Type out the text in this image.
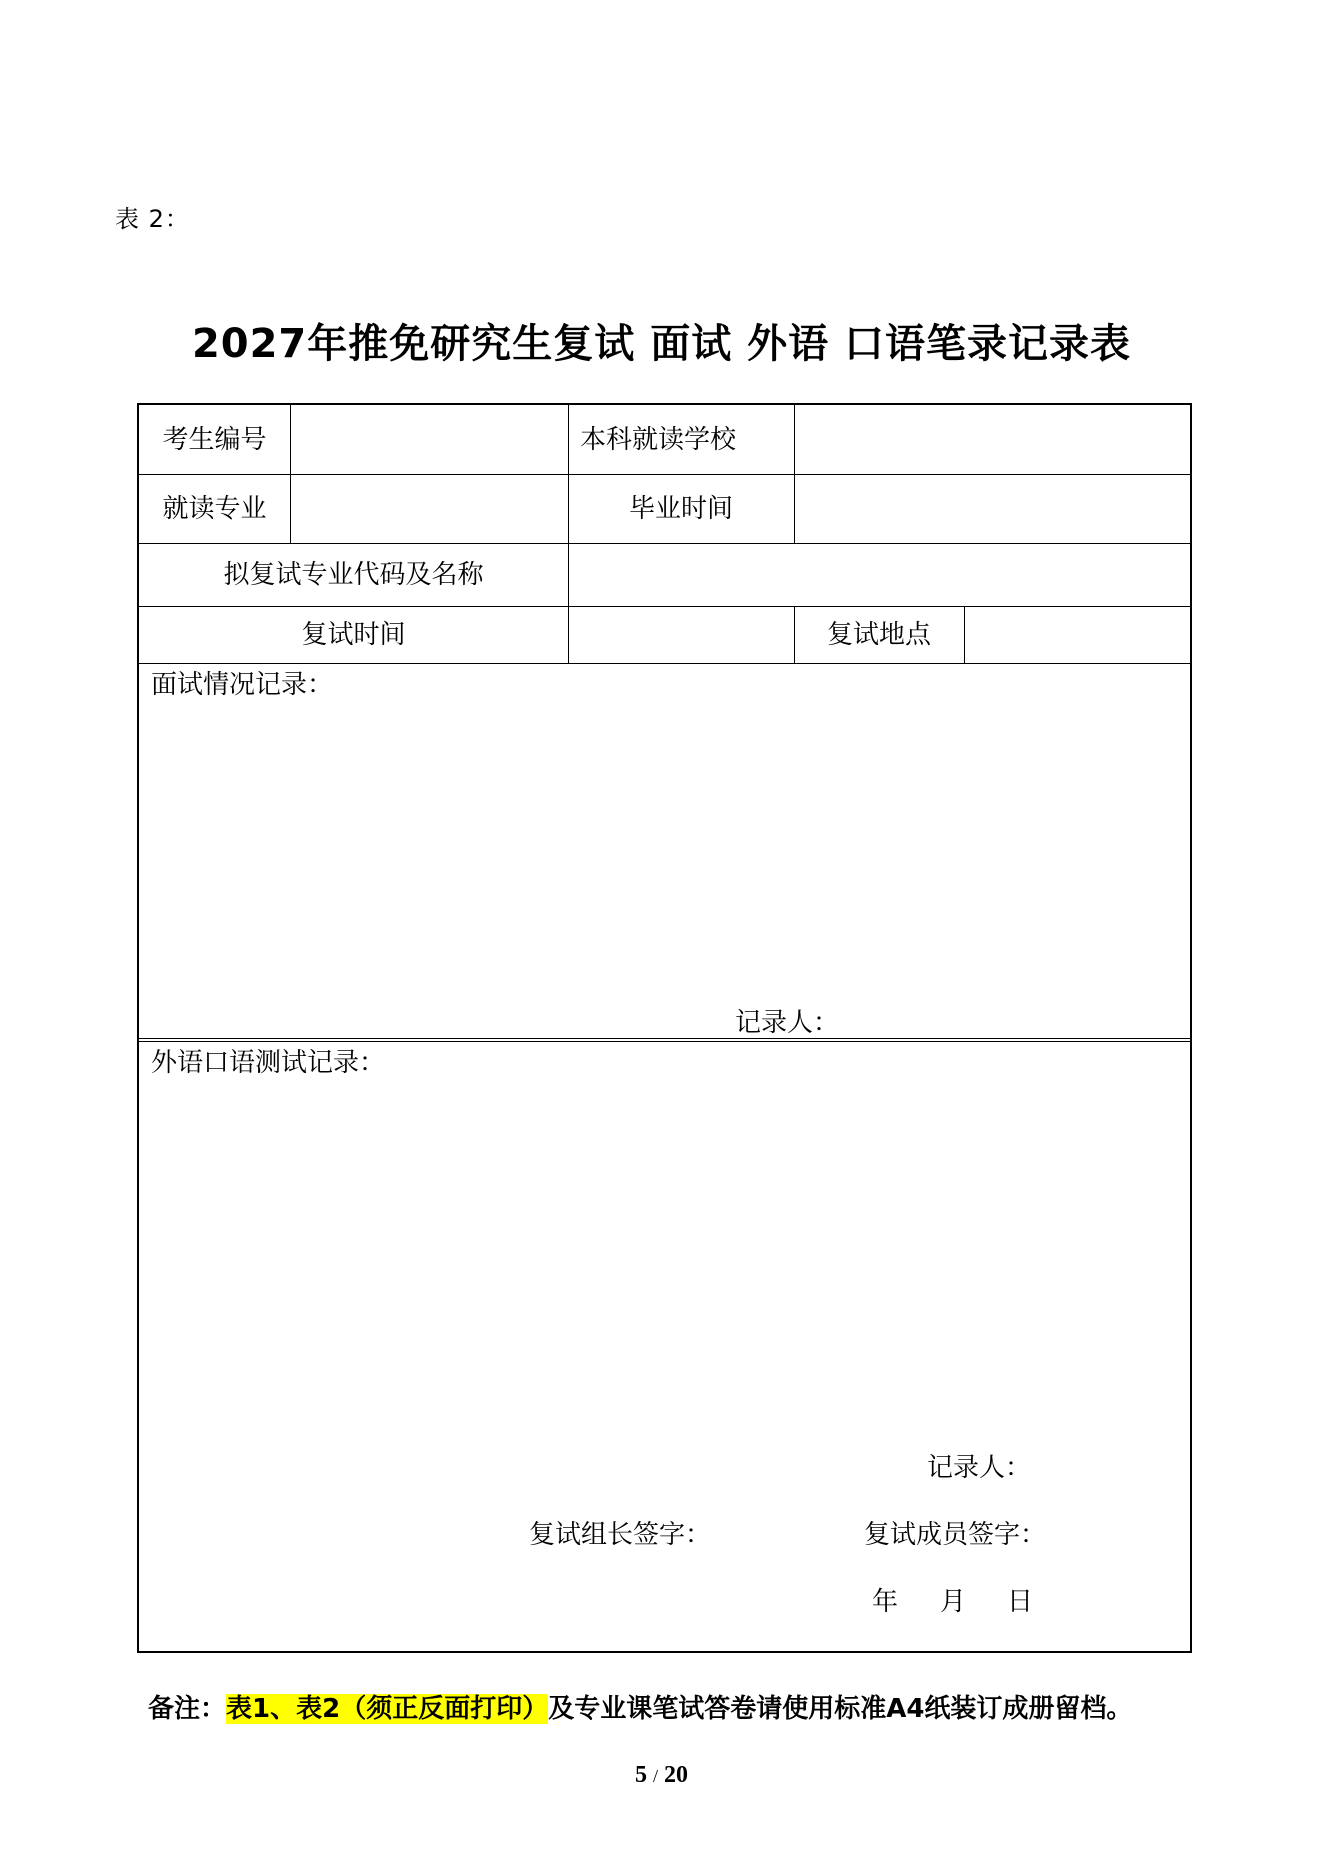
表 2：
2027年推免研究生复试 面试 外语 口语笔录记录表
考生编号	本科就读学校
就读专业	毕业时间
拟复试专业代码及名称
复试时间	复试地点
面试情况记录：
记录人：
外语口语测试记录：
记录人：
复试组长签字：	复试成员签字：
年 月 日
备注：表1、表2（须正反面打印）及专业课笔试答卷请使用标准A4纸装订成册留档。
5 / 20
